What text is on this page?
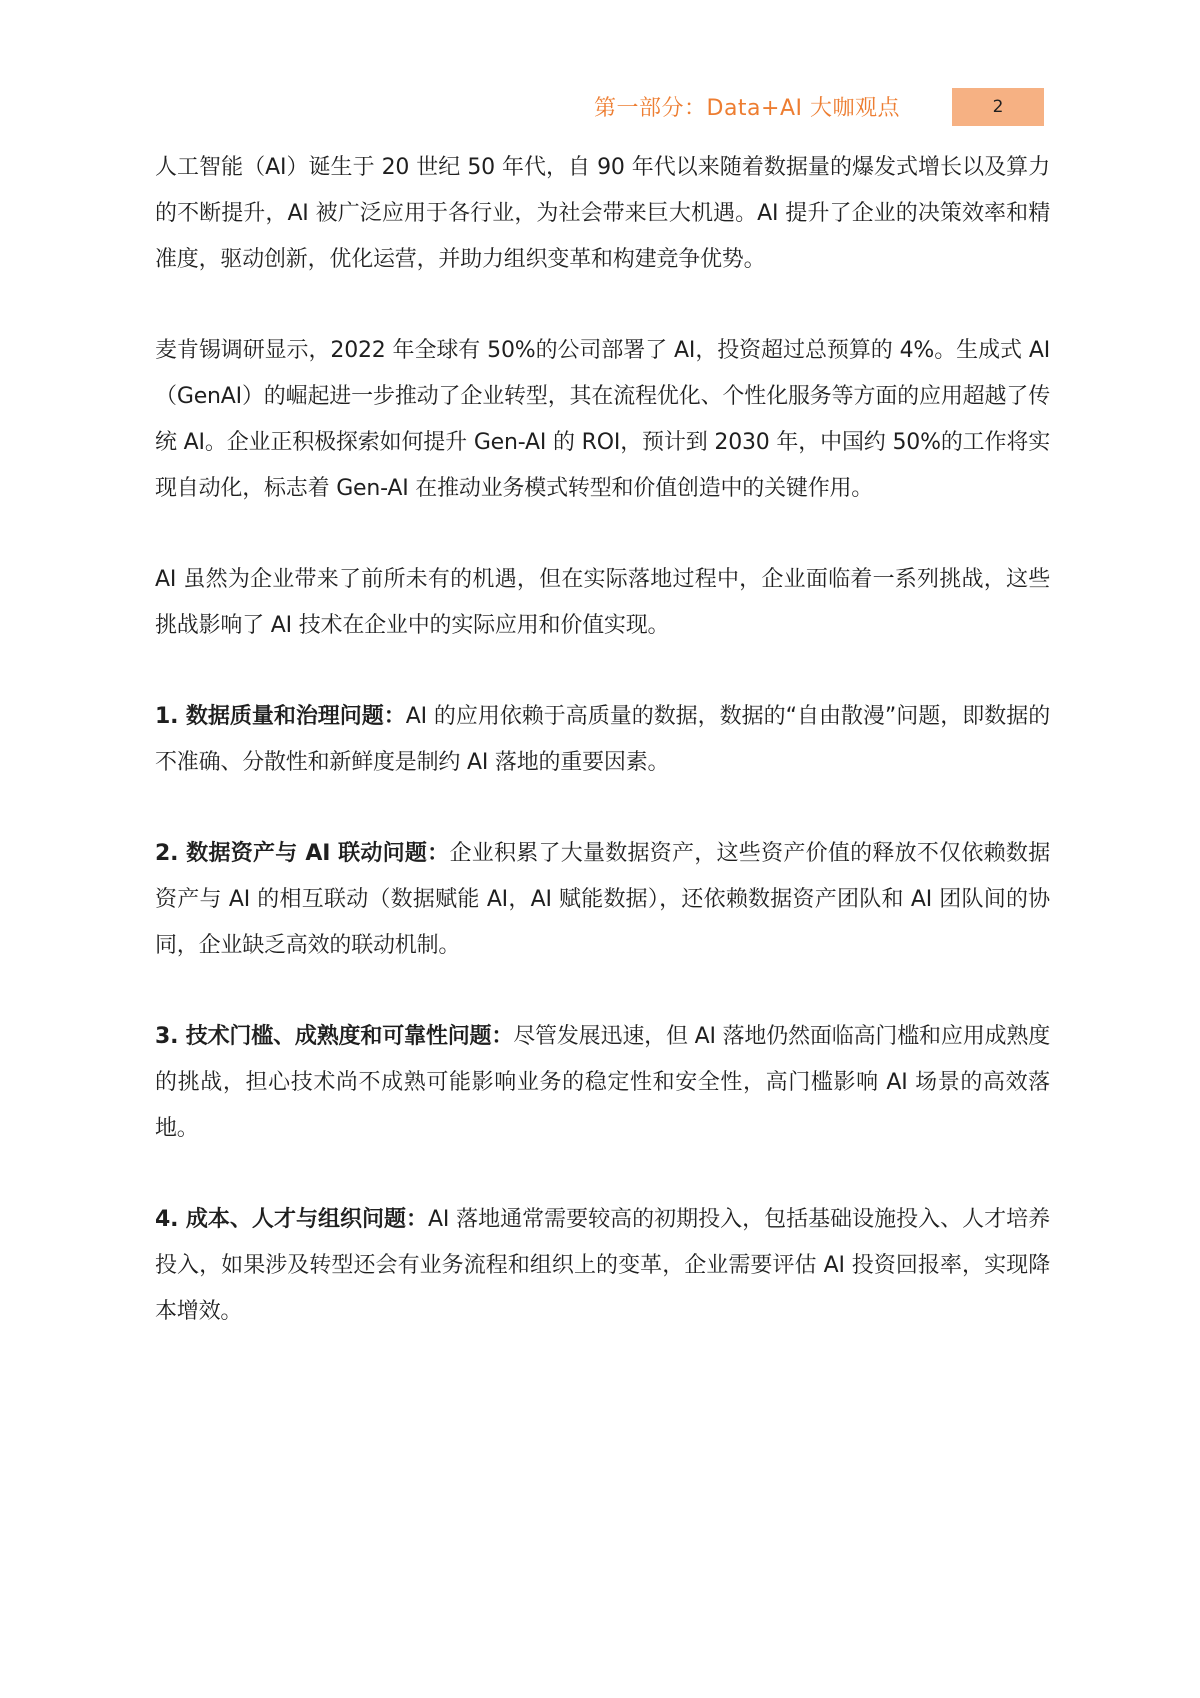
第一部分：Data+AI 大咖观点	2

人工智能（AI）诞生于 20 世纪 50 年代，自 90 年代以来随着数据量的爆发式增长以及算力的不断提升，AI 被广泛应用于各行业，为社会带来巨大机遇。AI 提升了企业的决策效率和精准度，驱动创新，优化运营，并助力组织变革和构建竞争优势。

麦肯锡调研显示，2022 年全球有 50%的公司部署了 AI，投资超过总预算的 4%。生成式 AI（GenAI）的崛起进一步推动了企业转型，其在流程优化、个性化服务等方面的应用超越了传统 AI。企业正积极探索如何提升 Gen-AI 的 ROI，预计到 2030 年，中国约 50%的工作将实现自动化，标志着 Gen-AI 在推动业务模式转型和价值创造中的关键作用。

AI 虽然为企业带来了前所未有的机遇，但在实际落地过程中，企业面临着一系列挑战，这些挑战影响了 AI 技术在企业中的实际应用和价值实现。

1. 数据质量和治理问题：AI 的应用依赖于高质量的数据，数据的“自由散漫”问题，即数据的不准确、分散性和新鲜度是制约 AI 落地的重要因素。

2. 数据资产与 AI 联动问题：企业积累了大量数据资产，这些资产价值的释放不仅依赖数据资产与 AI 的相互联动（数据赋能 AI，AI 赋能数据），还依赖数据资产团队和 AI 团队间的协同，企业缺乏高效的联动机制。

3. 技术门槛、成熟度和可靠性问题：尽管发展迅速，但 AI 落地仍然面临高门槛和应用成熟度的挑战，担心技术尚不成熟可能影响业务的稳定性和安全性，高门槛影响 AI 场景的高效落地。

4. 成本、人才与组织问题：AI 落地通常需要较高的初期投入，包括基础设施投入、人才培养投入，如果涉及转型还会有业务流程和组织上的变革，企业需要评估 AI 投资回报率，实现降本增效。
